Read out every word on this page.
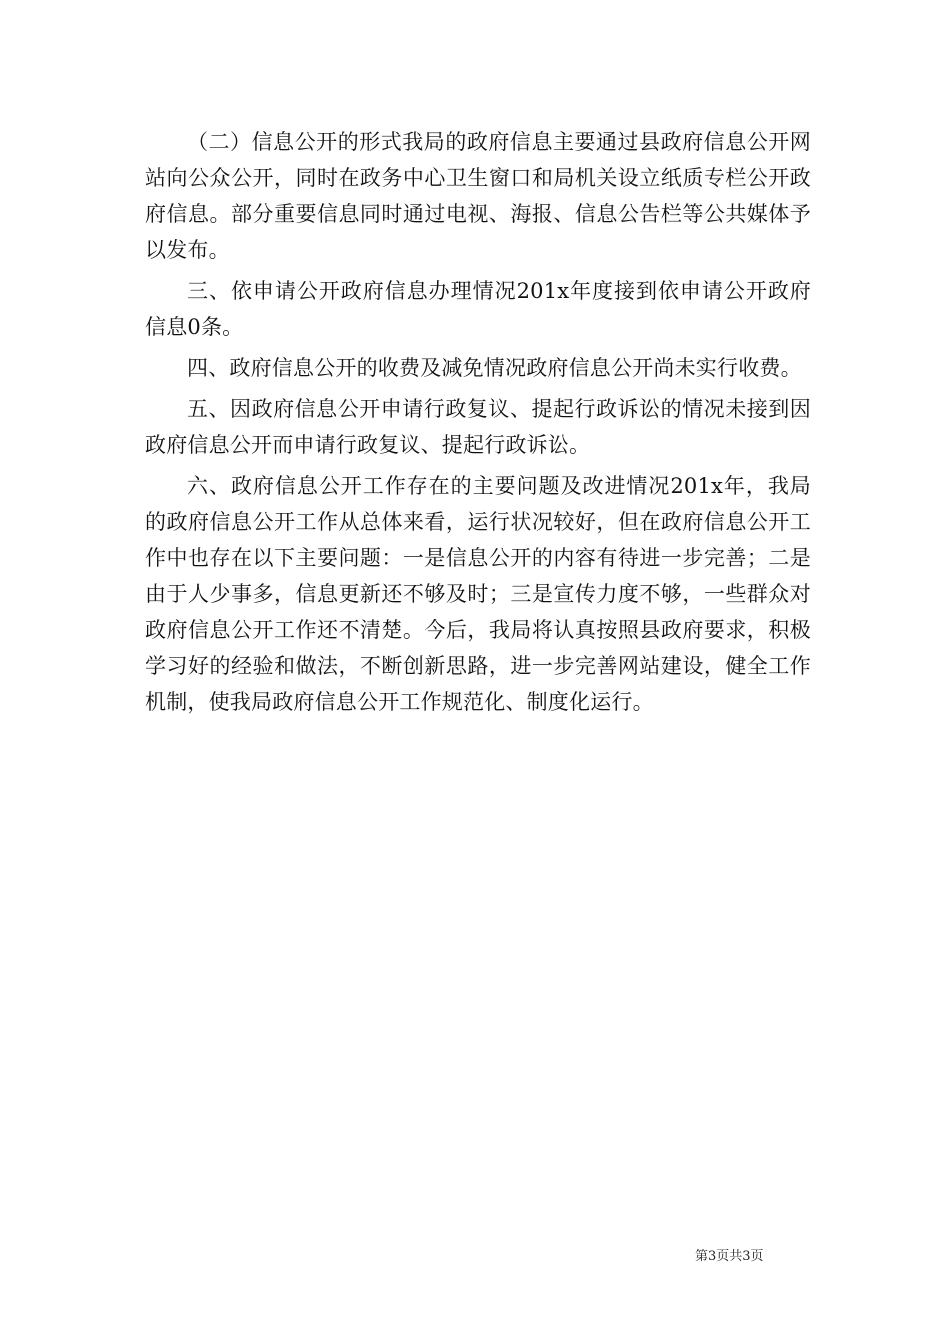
（二）信息公开的形式我局的政府信息主要通过县政府信息公开网站向公众公开，同时在政务中心卫生窗口和局机关设立纸质专栏公开政府信息。部分重要信息同时通过电视、海报、信息公告栏等公共媒体予以发布。

三、依申请公开政府信息办理情况201x年度接到依申请公开政府信息0条。

四、政府信息公开的收费及减免情况政府信息公开尚未实行收费。

五、因政府信息公开申请行政复议、提起行政诉讼的情况未接到因政府信息公开而申请行政复议、提起行政诉讼。

六、政府信息公开工作存在的主要问题及改进情况201x年，我局的政府信息公开工作从总体来看，运行状况较好，但在政府信息公开工作中也存在以下主要问题：一是信息公开的内容有待进一步完善；二是由于人少事多，信息更新还不够及时；三是宣传力度不够，一些群众对政府信息公开工作还不清楚。今后，我局将认真按照县政府要求，积极学习好的经验和做法，不断创新思路，进一步完善网站建设，健全工作机制，使我局政府信息公开工作规范化、制度化运行。

第3页共3页
